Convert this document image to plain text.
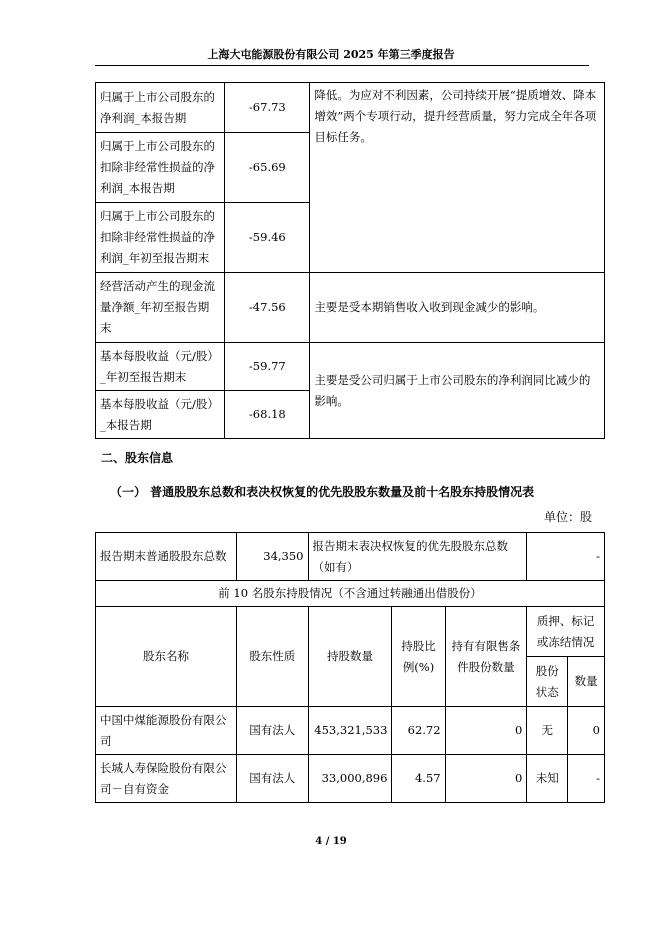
上海大屯能源股份有限公司 2025 年第三季度报告
归属于上市公司股东的净利润_本报告期	-67.73	降低。为应对不利因素，公司持续开展“提质增效、降本增效”两个专项行动，提升经营质量，努力完成全年各项目标任务。
归属于上市公司股东的扣除非经常性损益的净利润_本报告期	-65.69	
归属于上市公司股东的扣除非经常性损益的净利润_年初至报告期末	-59.46	
经营活动产生的现金流量净额_年初至报告期末	-47.56	主要是受本期销售收入收到现金减少的影响。
基本每股收益（元/股）_年初至报告期末	-59.77	主要是受公司归属于上市公司股东的净利润同比减少的影响。
基本每股收益（元/股）_本报告期	-68.18	
二、股东信息
（一） 普通股股东总数和表决权恢复的优先股股东数量及前十名股东持股情况表
单位：股
报告期末普通股股东总数	34,350	报告期末表决权恢复的优先股股东总数（如有）			-	
前 10 名股东持股情况（不含通过转融通出借股份）						
股东名称	股东性质	持股数量	持股比例(%)	持有有限售条件股份数量	质押、标记或冻结情况	
					股份状态	数量
中国中煤能源股份有限公司	国有法人	453,321,533	62.72	0	无	0
长城人寿保险股份有限公司－自有资金	国有法人	33,000,896	4.57	0	未知	-
4 / 19
